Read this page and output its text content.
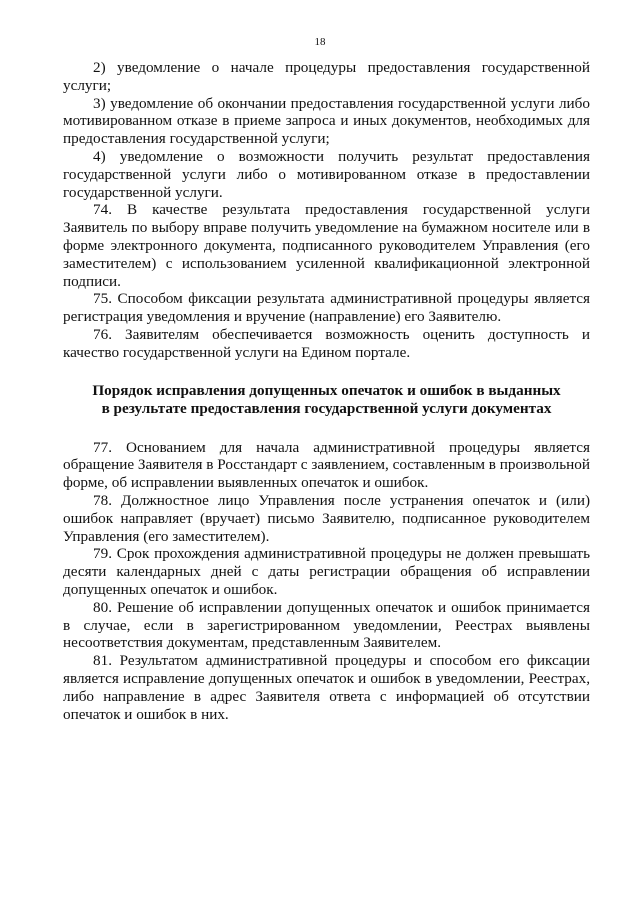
18

2) уведомление о начале процедуры предоставления государственной услуги;

3) уведомление об окончании предоставления государственной услуги либо мотивированном отказе в приеме запроса и иных документов, необходимых для предоставления государственной услуги;

4) уведомление о возможности получить результат предоставления государственной услуги либо о мотивированном отказе в предоставлении государственной услуги.

74. В качестве результата предоставления государственной услуги Заявитель по выбору вправе получить уведомление на бумажном носителе или в форме электронного документа, подписанного руководителем Управления (его заместителем) с использованием усиленной квалификационной электронной подписи.

75. Способом фиксации результата административной процедуры является регистрация уведомления и вручение (направление) его Заявителю.

76. Заявителям обеспечивается возможность оценить доступность и качество государственной услуги на Едином портале.

Порядок исправления допущенных опечаток и ошибок в выданных
в результате предоставления государственной услуги документах

77. Основанием для начала административной процедуры является обращение Заявителя в Росстандарт с заявлением, составленным в произвольной форме, об исправлении выявленных опечаток и ошибок.

78. Должностное лицо Управления после устранения опечаток и (или) ошибок направляет (вручает) письмо Заявителю, подписанное руководителем Управления (его заместителем).

79. Срок прохождения административной процедуры не должен превышать десяти календарных дней с даты регистрации обращения об исправлении допущенных опечаток и ошибок.

80. Решение об исправлении допущенных опечаток и ошибок принимается в случае, если в зарегистрированном уведомлении, Реестрах выявлены несоответствия документам, представленным Заявителем.

81. Результатом административной процедуры и способом его фиксации является исправление допущенных опечаток и ошибок в уведомлении, Реестрах, либо направление в адрес Заявителя ответа с информацией об отсутствии опечаток и ошибок в них.
